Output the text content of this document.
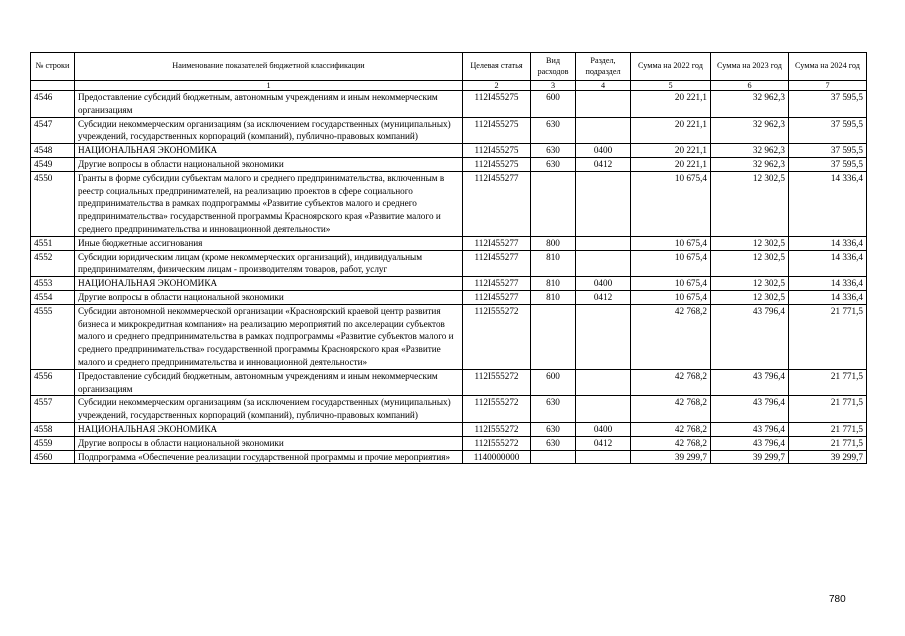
№ строки	Наименование показателей бюджетной классификации	Целевая статья	Вид расходов	Раздел, подраздел	Сумма на 2022 год	Сумма на 2023 год	Сумма на 2024 год
	1	2	3	4	5	6	7
4546	Предоставление субсидий бюджетным, автономным учреждениям и иным некоммерческим организациям	112I455275	600		20 221,1	32 962,3	37 595,5
4547	Субсидии некоммерческим организациям (за исключением государственных (муниципальных) учреждений, государственных корпораций (компаний), публично-правовых компаний)	112I455275	630		20 221,1	32 962,3	37 595,5
4548	НАЦИОНАЛЬНАЯ ЭКОНОМИКА	112I455275	630	0400	20 221,1	32 962,3	37 595,5
4549	Другие вопросы в области национальной экономики	112I455275	630	0412	20 221,1	32 962,3	37 595,5
4550	Гранты в форме субсидии субъектам малого и среднего предпринимательства, включенным в реестр социальных предпринимателей, на реализацию проектов в сфере социального предпринимательства в рамках подпрограммы «Развитие субъектов малого и среднего предпринимательства» государственной программы Красноярского края «Развитие малого и среднего предпринимательства и инновационной деятельности»	112I455277			10 675,4	12 302,5	14 336,4
4551	Иные бюджетные ассигнования	112I455277	800		10 675,4	12 302,5	14 336,4
4552	Субсидии юридическим лицам (кроме некоммерческих организаций), индивидуальным предпринимателям, физическим лицам - производителям товаров, работ, услуг	112I455277	810		10 675,4	12 302,5	14 336,4
4553	НАЦИОНАЛЬНАЯ ЭКОНОМИКА	112I455277	810	0400	10 675,4	12 302,5	14 336,4
4554	Другие вопросы в области национальной экономики	112I455277	810	0412	10 675,4	12 302,5	14 336,4
4555	Субсидии автономной некоммерческой организации «Красноярский краевой центр развития бизнеса и микрокредитная компания» на реализацию мероприятий по акселерации субъектов малого и среднего предпринимательства в рамках подпрограммы «Развитие субъектов малого и среднего предпринимательства» государственной программы Красноярского края «Развитие малого и среднего предпринимательства и инновационной деятельности»	112I555272			42 768,2	43 796,4	21 771,5
4556	Предоставление субсидий бюджетным, автономным учреждениям и иным некоммерческим организациям	112I555272	600		42 768,2	43 796,4	21 771,5
4557	Субсидии некоммерческим организациям (за исключением государственных (муниципальных) учреждений, государственных корпораций (компаний), публично-правовых компаний)	112I555272	630		42 768,2	43 796,4	21 771,5
4558	НАЦИОНАЛЬНАЯ ЭКОНОМИКА	112I555272	630	0400	42 768,2	43 796,4	21 771,5
4559	Другие вопросы в области национальной экономики	112I555272	630	0412	42 768,2	43 796,4	21 771,5
4560	Подпрограмма «Обеспечение реализации государственной программы и прочие мероприятия»	1140000000			39 299,7	39 299,7	39 299,7
780
